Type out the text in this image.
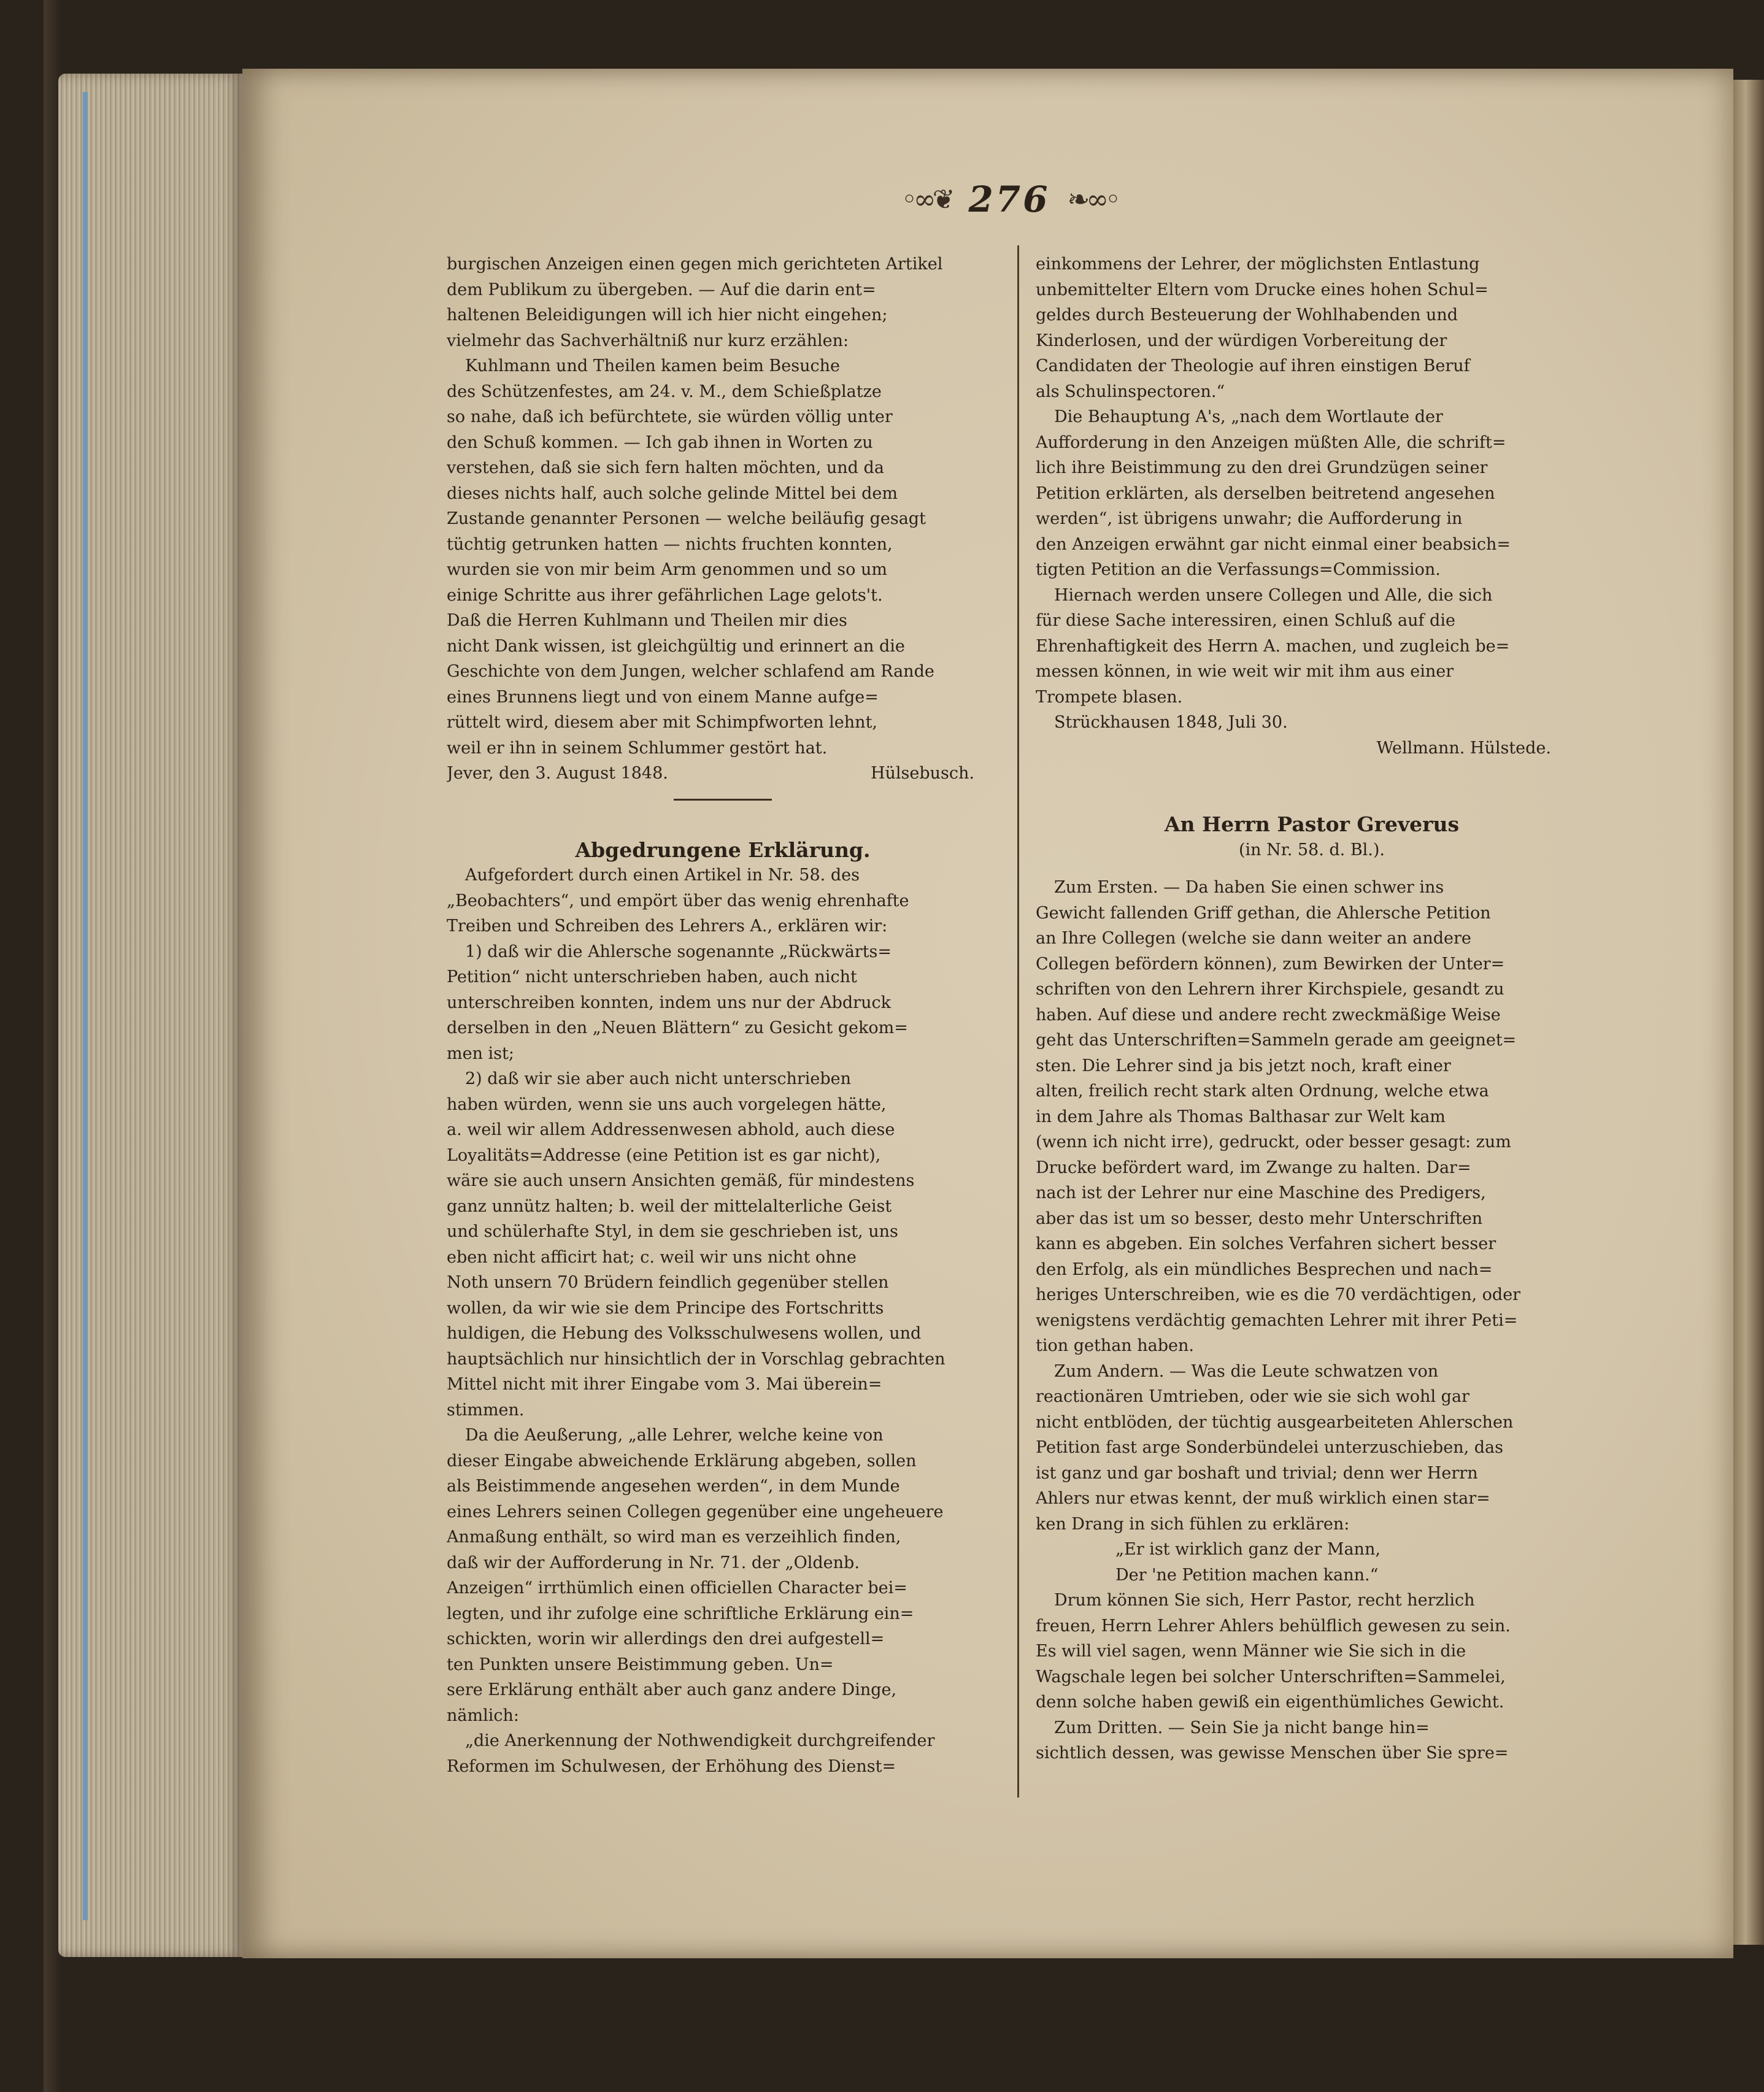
◦∞❦ 276 ❧∞◦
burgischen Anzeigen einen gegen mich gerichteten Artikel
dem Publikum zu übergeben. — Auf die darin ent=
haltenen Beleidigungen will ich hier nicht eingehen;
vielmehr das Sachverhältniß nur kurz erzählen:
Kuhlmann und Theilen kamen beim Besuche
des Schützenfestes, am 24. v. M., dem Schießplatze
so nahe, daß ich befürchtete, sie würden völlig unter
den Schuß kommen. — Ich gab ihnen in Worten zu
verstehen, daß sie sich fern halten möchten, und da
dieses nichts half, auch solche gelinde Mittel bei dem
Zustande genannter Personen — welche beiläufig gesagt
tüchtig getrunken hatten — nichts fruchten konnten,
wurden sie von mir beim Arm genommen und so um
einige Schritte aus ihrer gefährlichen Lage gelots't.
Daß die Herren Kuhlmann und Theilen mir dies
nicht Dank wissen, ist gleichgültig und erinnert an die
Geschichte von dem Jungen, welcher schlafend am Rande
eines Brunnens liegt und von einem Manne aufge=
rüttelt wird, diesem aber mit Schimpfworten lehnt,
weil er ihn in seinem Schlummer gestört hat.
Jever, den 3. August 1848.	Hülsebusch.
Abgedrungene Erklärung.
Aufgefordert durch einen Artikel in Nr. 58. des
„Beobachters“, und empört über das wenig ehrenhafte
Treiben und Schreiben des Lehrers A., erklären wir:
1) daß wir die Ahlersche sogenannte „Rückwärts=
Petition“ nicht unterschrieben haben, auch nicht
unterschreiben konnten, indem uns nur der Abdruck
derselben in den „Neuen Blättern“ zu Gesicht gekom=
men ist;
2) daß wir sie aber auch nicht unterschrieben
haben würden, wenn sie uns auch vorgelegen hätte,
a. weil wir allem Addressenwesen abhold, auch diese
Loyalitäts=Addresse (eine Petition ist es gar nicht),
wäre sie auch unsern Ansichten gemäß, für mindestens
ganz unnütz halten; b. weil der mittelalterliche Geist
und schülerhafte Styl, in dem sie geschrieben ist, uns
eben nicht afficirt hat; c. weil wir uns nicht ohne
Noth unsern 70 Brüdern feindlich gegenüber stellen
wollen, da wir wie sie dem Principe des Fortschritts
huldigen, die Hebung des Volksschulwesens wollen, und
hauptsächlich nur hinsichtlich der in Vorschlag gebrachten
Mittel nicht mit ihrer Eingabe vom 3. Mai überein=
stimmen.
Da die Aeußerung, „alle Lehrer, welche keine von
dieser Eingabe abweichende Erklärung abgeben, sollen
als Beistimmende angesehen werden“, in dem Munde
eines Lehrers seinen Collegen gegenüber eine ungeheuere
Anmaßung enthält, so wird man es verzeihlich finden,
daß wir der Aufforderung in Nr. 71. der „Oldenb.
Anzeigen“ irrthümlich einen officiellen Character bei=
legten, und ihr zufolge eine schriftliche Erklärung ein=
schickten, worin wir allerdings den drei aufgestell=
ten Punkten unsere Beistimmung geben. Un=
sere Erklärung enthält aber auch ganz andere Dinge,
nämlich:
„die Anerkennung der Nothwendigkeit durchgreifender
Reformen im Schulwesen, der Erhöhung des Dienst=
einkommens der Lehrer, der möglichsten Entlastung
unbemittelter Eltern vom Drucke eines hohen Schul=
geldes durch Besteuerung der Wohlhabenden und
Kinderlosen, und der würdigen Vorbereitung der
Candidaten der Theologie auf ihren einstigen Beruf
als Schulinspectoren.“
Die Behauptung A's, „nach dem Wortlaute der
Aufforderung in den Anzeigen müßten Alle, die schrift=
lich ihre Beistimmung zu den drei Grundzügen seiner
Petition erklärten, als derselben beitretend angesehen
werden“, ist übrigens unwahr; die Aufforderung in
den Anzeigen erwähnt gar nicht einmal einer beabsich=
tigten Petition an die Verfassungs=Commission.
Hiernach werden unsere Collegen und Alle, die sich
für diese Sache interessiren, einen Schluß auf die
Ehrenhaftigkeit des Herrn A. machen, und zugleich be=
messen können, in wie weit wir mit ihm aus einer
Trompete blasen.
Strückhausen 1848, Juli 30.
Wellmann. Hülstede.
An Herrn Pastor Greverus
(in Nr. 58. d. Bl.).
Zum Ersten. — Da haben Sie einen schwer ins
Gewicht fallenden Griff gethan, die Ahlersche Petition
an Ihre Collegen (welche sie dann weiter an andere
Collegen befördern können), zum Bewirken der Unter=
schriften von den Lehrern ihrer Kirchspiele, gesandt zu
haben. Auf diese und andere recht zweckmäßige Weise
geht das Unterschriften=Sammeln gerade am geeignet=
sten. Die Lehrer sind ja bis jetzt noch, kraft einer
alten, freilich recht stark alten Ordnung, welche etwa
in dem Jahre als Thomas Balthasar zur Welt kam
(wenn ich nicht irre), gedruckt, oder besser gesagt: zum
Drucke befördert ward, im Zwange zu halten. Dar=
nach ist der Lehrer nur eine Maschine des Predigers,
aber das ist um so besser, desto mehr Unterschriften
kann es abgeben. Ein solches Verfahren sichert besser
den Erfolg, als ein mündliches Besprechen und nach=
heriges Unterschreiben, wie es die 70 verdächtigen, oder
wenigstens verdächtig gemachten Lehrer mit ihrer Peti=
tion gethan haben.
Zum Andern. — Was die Leute schwatzen von
reactionären Umtrieben, oder wie sie sich wohl gar
nicht entblöden, der tüchtig ausgearbeiteten Ahlerschen
Petition fast arge Sonderbündelei unterzuschieben, das
ist ganz und gar boshaft und trivial; denn wer Herrn
Ahlers nur etwas kennt, der muß wirklich einen star=
ken Drang in sich fühlen zu erklären:
„Er ist wirklich ganz der Mann,
Der 'ne Petition machen kann.“
Drum können Sie sich, Herr Pastor, recht herzlich
freuen, Herrn Lehrer Ahlers behülflich gewesen zu sein.
Es will viel sagen, wenn Männer wie Sie sich in die
Wagschale legen bei solcher Unterschriften=Sammelei,
denn solche haben gewiß ein eigenthümliches Gewicht.
Zum Dritten. — Sein Sie ja nicht bange hin=
sichtlich dessen, was gewisse Menschen über Sie spre=
